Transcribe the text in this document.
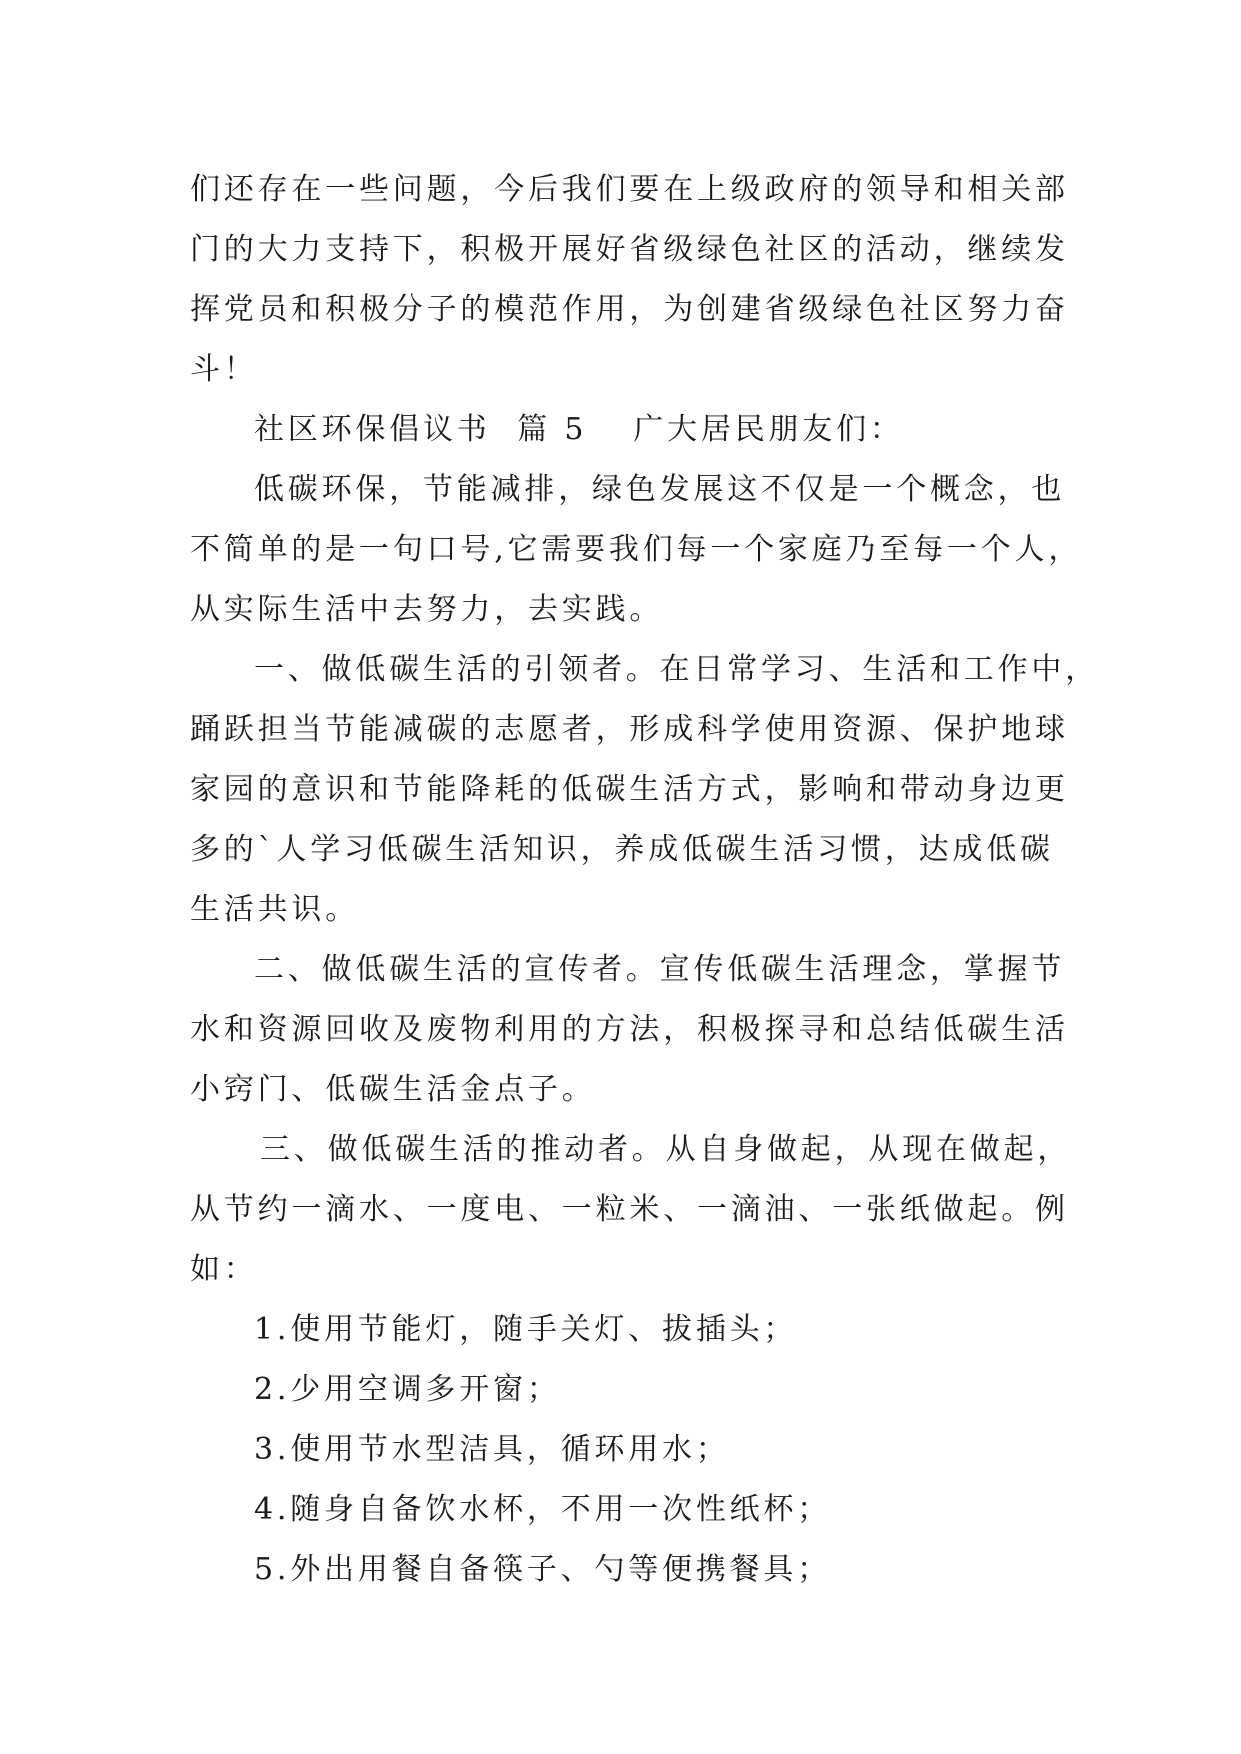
们还存在一些问题，今后我们要在上级政府的领导和相关部
门的大力支持下，积极开展好省级绿色社区的活动，继续发
挥党员和积极分子的模范作用，为创建省级绿色社区努力奋
斗！
社区环保倡议书  篇 5 广大居民朋友们：
低碳环保，节能减排，绿色发展这不仅是一个概念，也
不简单的是一句口号,它需要我们每一个家庭乃至每一个人，
从实际生活中去努力，去实践。
一、做低碳生活的引领者。在日常学习、生活和工作中，
踊跃担当节能减碳的志愿者，形成科学使用资源、保护地球
家园的意识和节能降耗的低碳生活方式，影响和带动身边更
多的`人学习低碳生活知识，养成低碳生活习惯，达成低碳
生活共识。
二、做低碳生活的宣传者。宣传低碳生活理念，掌握节
水和资源回收及废物利用的方法，积极探寻和总结低碳生活
小窍门、低碳生活金点子。
三、做低碳生活的推动者。从自身做起，从现在做起，
从节约一滴水、一度电、一粒米、一滴油、一张纸做起。例
如：
1.使用节能灯，随手关灯、拔插头；
2.少用空调多开窗；
3.使用节水型洁具，循环用水；
4.随身自备饮水杯，不用一次性纸杯；
5.外出用餐自备筷子、勺等便携餐具；
